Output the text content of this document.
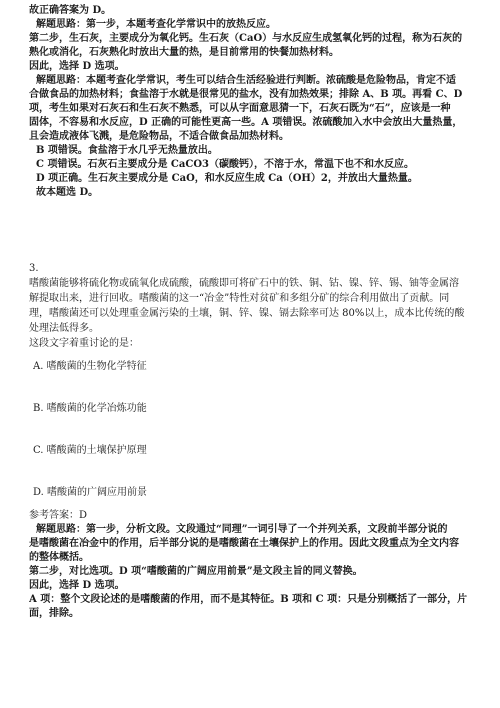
故正确答案为 D。
解题思路：第一步，本题考查化学常识中的放热反应。
第二步，生石灰，主要成分为氧化钙。生石灰（CaO）与水反应生成氢氧化钙的过程，称为石灰的
熟化或消化，石灰熟化时放出大量的热，是目前常用的快餐加热材料。
因此，选择 D 选项。
解题思路：本题考查化学常识，考生可以结合生活经验进行判断。浓硫酸是危险物品，肯定不适
合做食品的加热材料；食盐溶于水就是很常见的盐水，没有加热效果；排除 A、B 项。再看 C、D
项，考生如果对石灰石和生石灰不熟悉，可以从字面意思猜一下，石灰石既为“石”，应该是一种
固体，不容易和水反应，D 正确的可能性更高一些。A 项错误。浓硫酸加入水中会放出大量热量，
且会造成液体飞溅，是危险物品，不适合做食品加热材料。
B 项错误。食盐溶于水几乎无热量放出。
C 项错误。石灰石主要成分是 CaCO3（碳酸钙），不溶于水，常温下也不和水反应。
D 项正确。生石灰主要成分是 CaO，和水反应生成 Ca（OH）2，并放出大量热量。
故本题选 D。
3.
嗜酸菌能够将硫化物或硫氧化成硫酸，硫酸即可将矿石中的铁、铜、钴、镍、锌、锡、铀等金属溶
解提取出来，进行回收。嗜酸菌的这一“冶金”特性对贫矿和多组分矿的综合利用做出了贡献。同
理，嗜酸菌还可以处理重金属污染的土壤，铜、锌、镍、镉去除率可达 80%以上，成本比传统的酸
处理法低得多。
这段文字着重讨论的是：
A. 嗜酸菌的生物化学特征
B. 嗜酸菌的化学冶炼功能
C. 嗜酸菌的土壤保护原理
D. 嗜酸菌的广阔应用前景
参考答案：D
解题思路：第一步，分析文段。文段通过“同理”一词引导了一个并列关系，文段前半部分说的
是嗜酸菌在冶金中的作用，后半部分说的是嗜酸菌在土壤保护上的作用。因此文段重点为全文内容
的整体概括。
第二步，对比选项。D 项“嗜酸菌的广阔应用前景”是文段主旨的同义替换。
因此，选择 D 选项。
A 项：整个文段论述的是嗜酸菌的作用，而不是其特征。B 项和 C 项：只是分别概括了一部分，片
面，排除。
